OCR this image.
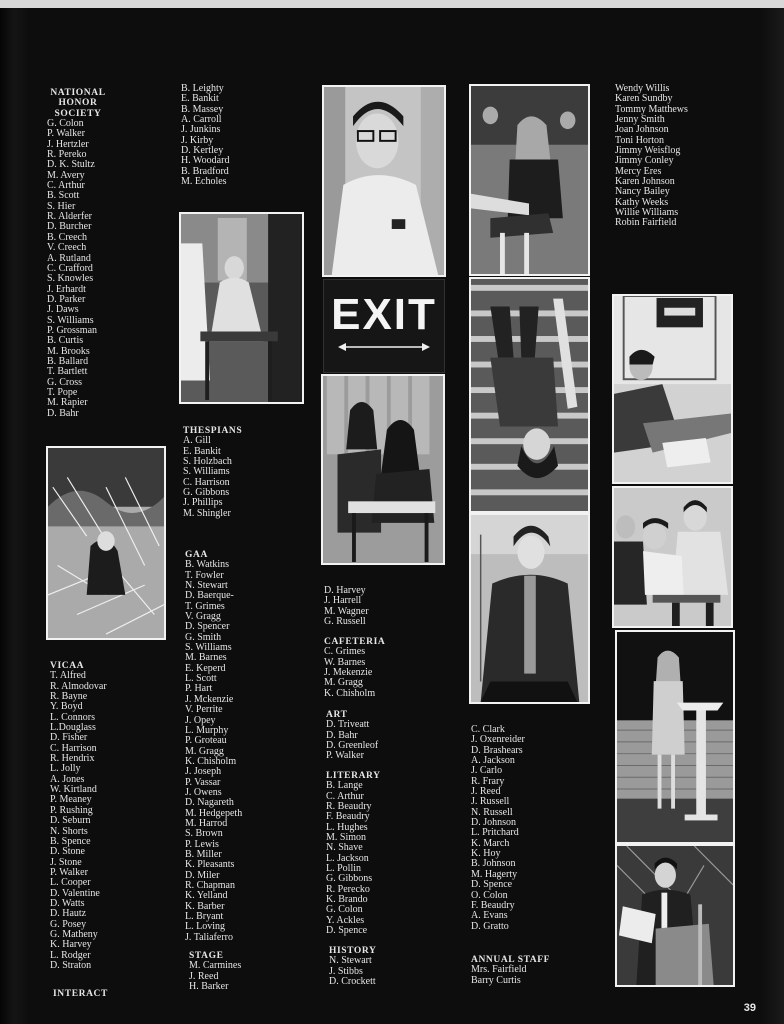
NATIONAL
HONOR
SOCIETY
G. Colon
P. Walker
J. Hertzler
R. Pereko
D. K. Stultz
M. Avery
C. Arthur
B. Scott
S. Hier
R. Alderfer
D. Burcher
B. Creech
V. Creech
A. Rutland
C. Crafford
S. Knowles
J. Erhardt
D. Parker
J. Daws
S. Williams
P. Grossman
B. Curtis
M. Brooks
B. Ballard
T. Bartlett
G. Cross
T. Pope
M. Rapier
D. Bahr
VICAA
T. Alfred
R. Almodovar
R. Bayne
Y. Boyd
L. Connors
L.Douglass
D. Fisher
C. Harrison
R. Hendrix
L. Jolly
A. Jones
W. Kirtland
P. Meaney
P. Rushing
D. Seburn
N. Shorts
B. Spence
D. Stone
J. Stone
P. Walker
L. Cooper
D. Valentine
D. Watts
D. Hautz
G. Posey
G. Matheny
K. Harvey
L. Rodger
D. Straton
INTERACT
B. Leighty
E. Bankit
B. Massey
A. Carroll
J. Junkins
J. Kirby
D. Kertley
H. Woodard
B. Bradford
M. Echoles
THESPIANS
A. Gill
E. Bankit
S. Holzbach
S. Williams
C. Harrison
G. Gibbons
J. Phillips
M. Shingler
GAA
B. Watkins
T. Fowler
N. Stewart
D. Baerque-
T. Grimes
V. Gragg
D. Spencer
G. Smith
S. Williams
M. Barnes
E. Keperd
L. Scott
P. Hart
J. Mckenzie
V. Perrite
J. Opey
L. Murphy
P. Groteau
M. Gragg
K. Chisholm
J. Joseph
P. Vassar
J. Owens
D. Nagareth
M. Hedgepeth
M. Harrod
S. Brown
P. Lewis
B. Miller
K. Pleasants
D. Miler
R. Chapman
K. Yelland
K. Barber
L. Bryant
L. Loving
J. Taliaferro
STAGE
M. Carmines
J. Reed
H. Barker
D. Harvey
J. Harrell
M. Wagner
G. Russell
CAFETERIA
C. Grimes
W. Barnes
J. Mekenzie
M. Gragg
K. Chisholm
ART
D. Triveatt
D. Bahr
D. Greenleof
P. Walker
LITERARY
B. Lange
C. Arthur
R. Beaudry
F. Beaudry
L. Hughes
M. Simon
N. Shave
L. Jackson
L. Pollin
G. Gibbons
R. Perecko
K. Brando
G. Colon
Y. Ackles
D. Spence
HISTORY
N. Stewart
J. Stibbs
D. Crockett
C. Clark
J. Oxenreider
D. Brashears
A. Jackson
J. Carlo
R. Frary
J. Reed
J. Russell
N. Russell
D. Johnson
L. Pritchard
K. March
K. Hoy
B. Johnson
M. Hagerty
D. Spence
O. Colon
F. Beaudry
A. Evans
D. Gratto
ANNUAL STAFF
Mrs. Fairfield
Barry Curtis
Wendy Willis
Karen Sundby
Tommy Matthews
Jenny Smith
Joan Johnson
Toni Horton
Jimmy Weisflog
Jimmy Conley
Mercy Eres
Karen Johnson
Nancy Bailey
Kathy Weeks
Willie Williams
Robin Fairfield
EXIT
39
